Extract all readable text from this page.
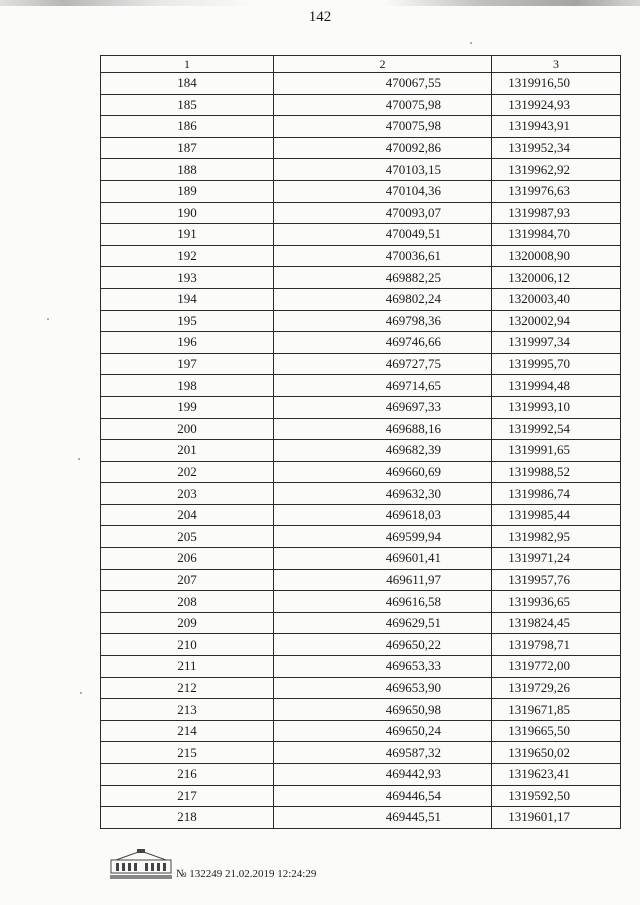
142
1	2	3
184	470067,55	1319916,50
185	470075,98	1319924,93
186	470075,98	1319943,91
187	470092,86	1319952,34
188	470103,15	1319962,92
189	470104,36	1319976,63
190	470093,07	1319987,93
191	470049,51	1319984,70
192	470036,61	1320008,90
193	469882,25	1320006,12
194	469802,24	1320003,40
195	469798,36	1320002,94
196	469746,66	1319997,34
197	469727,75	1319995,70
198	469714,65	1319994,48
199	469697,33	1319993,10
200	469688,16	1319992,54
201	469682,39	1319991,65
202	469660,69	1319988,52
203	469632,30	1319986,74
204	469618,03	1319985,44
205	469599,94	1319982,95
206	469601,41	1319971,24
207	469611,97	1319957,76
208	469616,58	1319936,65
209	469629,51	1319824,45
210	469650,22	1319798,71
211	469653,33	1319772,00
212	469653,90	1319729,26
213	469650,98	1319671,85
214	469650,24	1319665,50
215	469587,32	1319650,02
216	469442,93	1319623,41
217	469446,54	1319592,50
218	469445,51	1319601,17
№ 132249 21.02.2019 12:24:29
